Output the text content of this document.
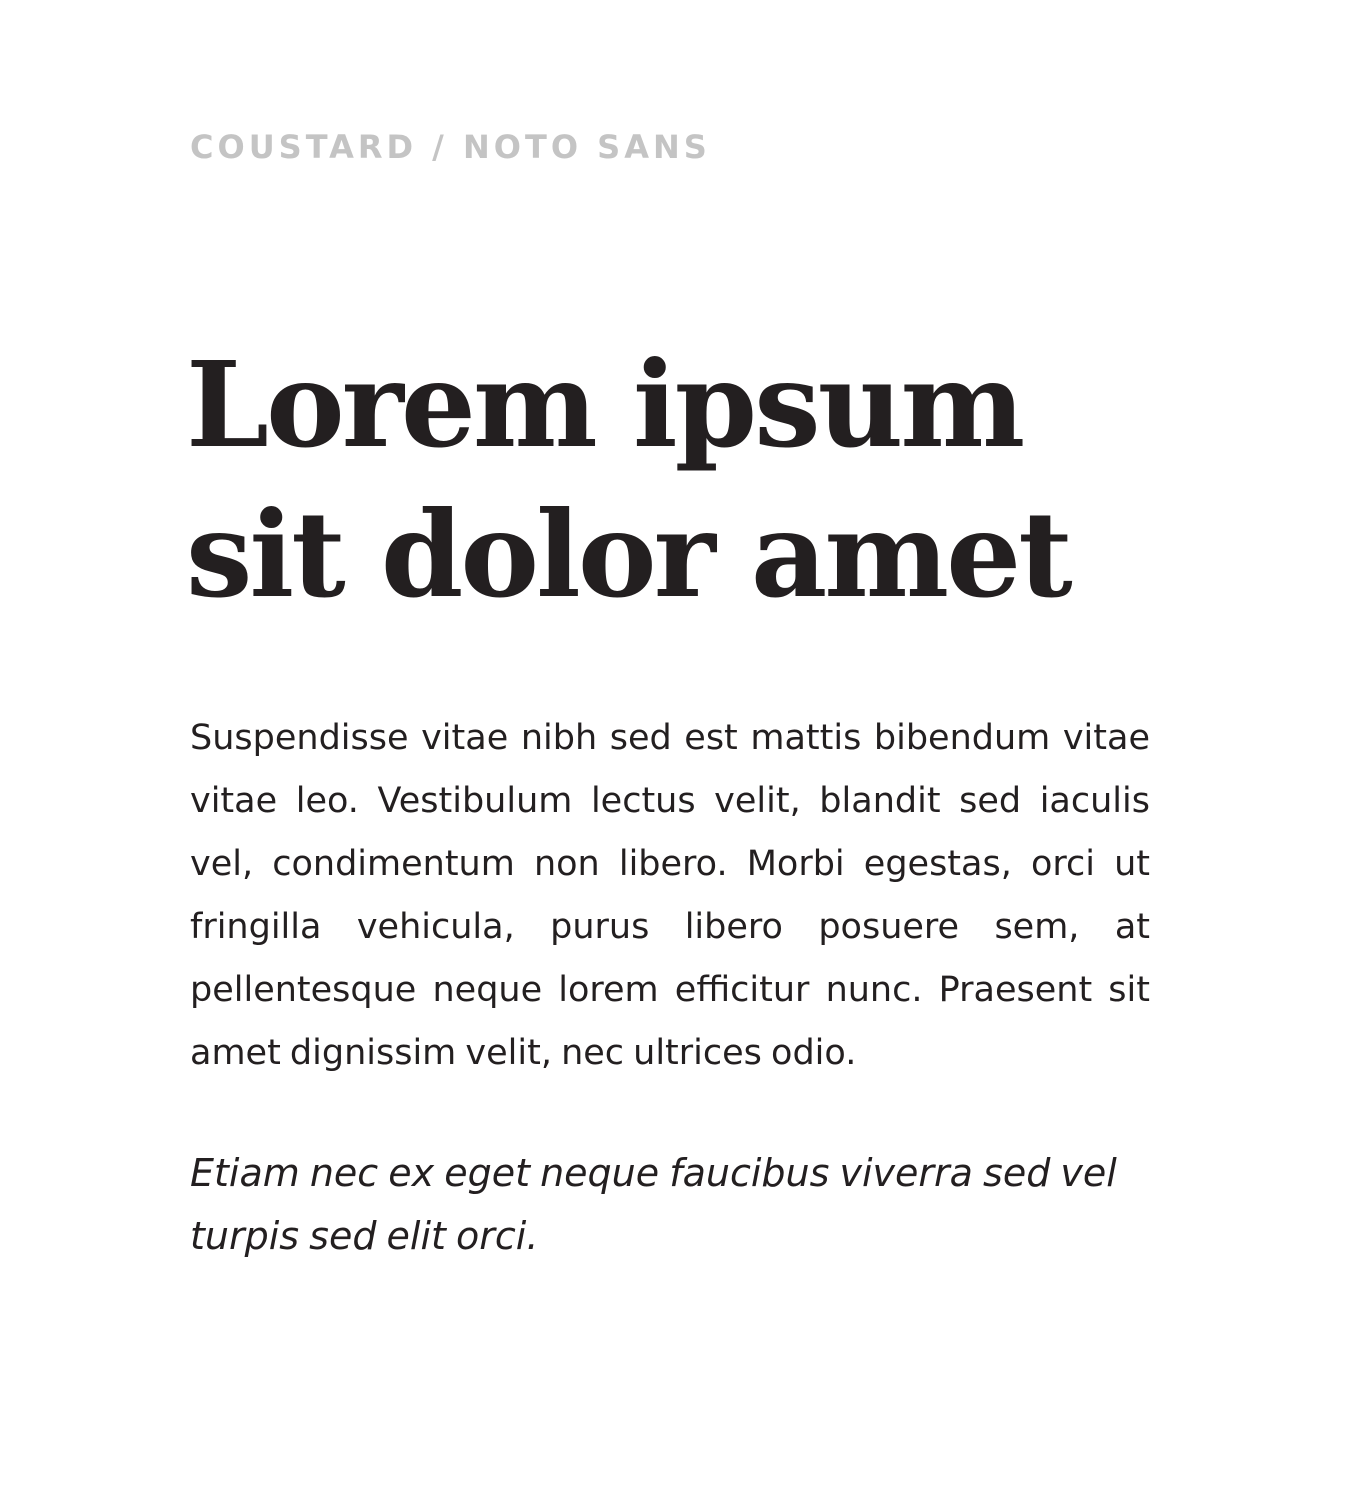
COUSTARD / NOTO SANS

Lorem ipsum
sit dolor amet

Suspendisse vitae nibh sed est mattis bibendum vitae vitae leo. Vestibulum lectus velit, blandit sed iaculis vel, condimentum non libero. Morbi egestas, orci ut fringilla vehicula, purus libero posuere sem, at pellentesque neque lorem efficitur nunc. Praesent sit amet dignissim velit, nec ultrices odio.

Etiam nec ex eget neque faucibus viverra sed vel turpis sed elit orci.
